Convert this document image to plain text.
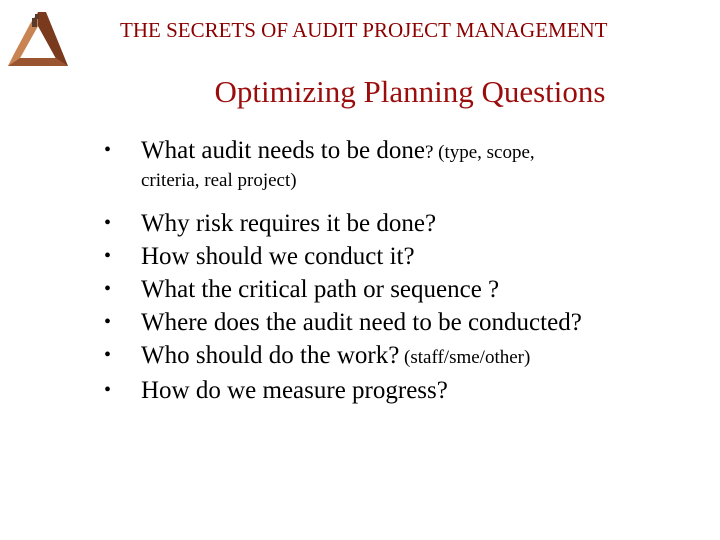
THE SECRETS OF AUDIT PROJECT MANAGEMENT
Optimizing Planning Questions
• What audit needs to be done? (type, scope,
criteria, real project)
• Why risk requires it be done?
• How should we conduct it?
• What the critical path or sequence ?
• Where does the audit need to be conducted?
• Who should do the work? (staff/sme/other)
• How do we measure progress?
